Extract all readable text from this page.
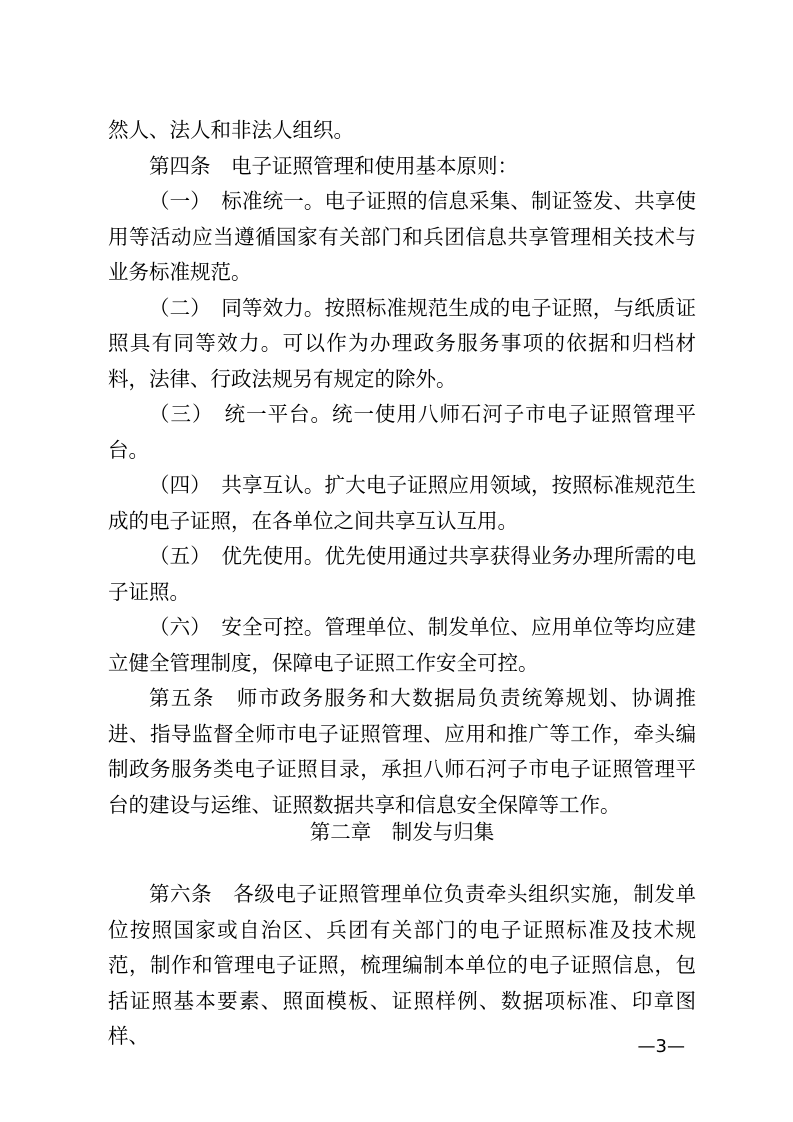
然人、法人和非法人组织。

第四条　电子证照管理和使用基本原则：

（一）　标准统一。电子证照的信息采集、制证签发、共享使用等活动应当遵循国家有关部门和兵团信息共享管理相关技术与业务标准规范。

（二）　同等效力。按照标准规范生成的电子证照，与纸质证照具有同等效力。可以作为办理政务服务事项的依据和归档材料，法律、行政法规另有规定的除外。

（三）　统一平台。统一使用八师石河子市电子证照管理平台。

（四）　共享互认。扩大电子证照应用领域，按照标准规范生成的电子证照，在各单位之间共享互认互用。

（五）　优先使用。优先使用通过共享获得业务办理所需的电子证照。

（六）　安全可控。管理单位、制发单位、应用单位等均应建立健全管理制度，保障电子证照工作安全可控。

第五条　师市政务服务和大数据局负责统筹规划、协调推进、指导监督全师市电子证照管理、应用和推广等工作，牵头编制政务服务类电子证照目录，承担八师石河子市电子证照管理平台的建设与运维、证照数据共享和信息安全保障等工作。

第二章　制发与归集

第六条　各级电子证照管理单位负责牵头组织实施，制发单位按照国家或自治区、兵团有关部门的电子证照标准及技术规范，制作和管理电子证照，梳理编制本单位的电子证照信息，包括证照基本要素、照面模板、证照样例、数据项标准、印章图样、	—3—
